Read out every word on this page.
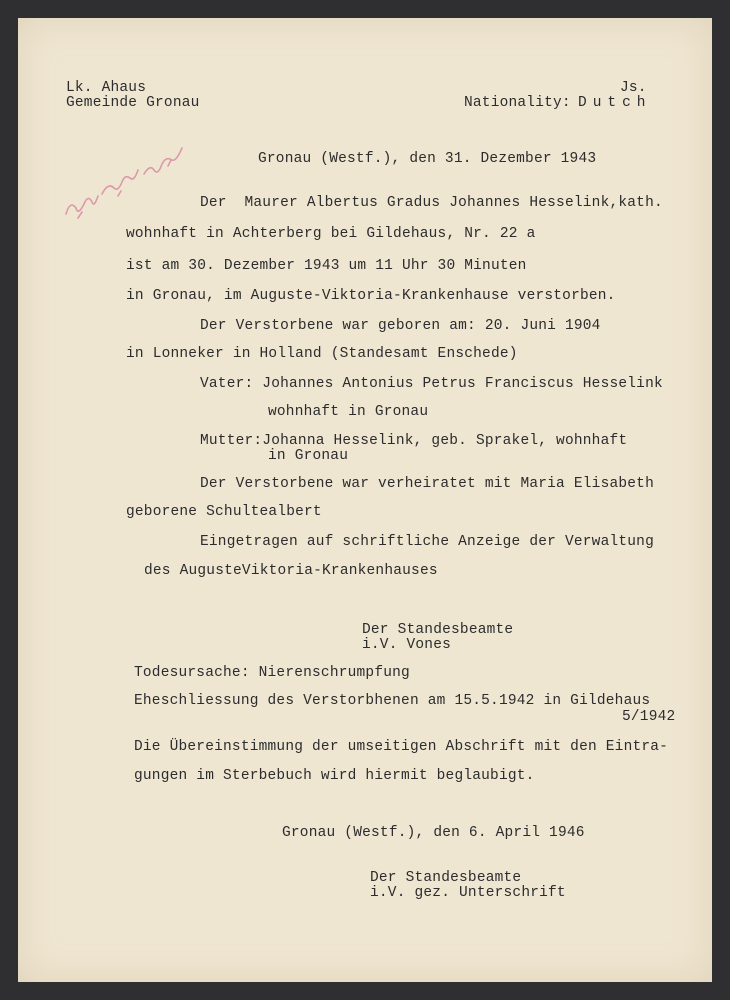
Lk. Ahaus
Gemeinde Gronau
Js.
Nationality: Dutch
Gronau (Westf.), den 31. Dezember 1943
Der  Maurer Albertus Gradus Johannes Hesselink,kath.
wohnhaft in Achterberg bei Gildehaus, Nr. 22 a
ist am 30. Dezember 1943 um 11 Uhr 30 Minuten
in Gronau, im Auguste-Viktoria-Krankenhause verstorben.
Der Verstorbene war geboren am: 20. Juni 1904
in Lonneker in Holland (Standesamt Enschede)
Vater: Johannes Antonius Petrus Franciscus Hesselink
wohnhaft in Gronau
Mutter:Johanna Hesselink, geb. Sprakel, wohnhaft
in Gronau
Der Verstorbene war verheiratet mit Maria Elisabeth
geborene Schultealbert
Eingetragen auf schriftliche Anzeige der Verwaltung
des AugusteViktoria-Krankenhauses
Der Standesbeamte
i.V. Vones
Todesursache: Nierenschrumpfung
Eheschliessung des Verstorbhenen am 15.5.1942 in Gildehaus
5/1942
Die Übereinstimmung der umseitigen Abschrift mit den Eintra-
gungen im Sterbebuch wird hiermit beglaubigt.
Gronau (Westf.), den 6. April 1946
Der Standesbeamte
i.V. gez. Unterschrift
